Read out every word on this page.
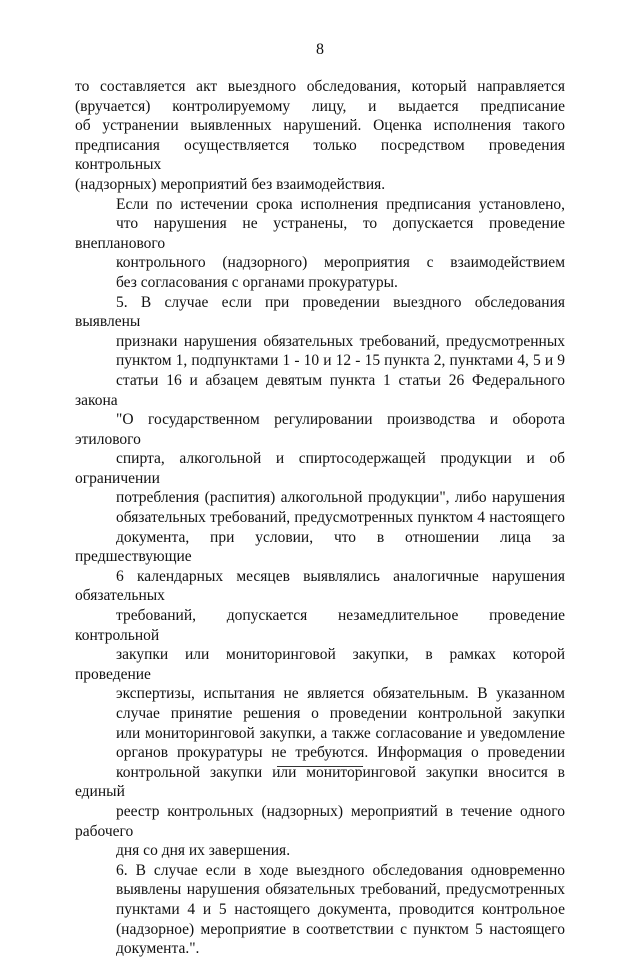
8

то составляется акт выездного обследования, который направляется
(вручается) контролируемому лицу, и выдается предписание
об устранении выявленных нарушений. Оценка исполнения такого
предписания осуществляется только посредством проведения контрольных
(надзорных) мероприятий без взаимодействия.

Если по истечении срока исполнения предписания установлено,
что нарушения не устранены, то допускается проведение внепланового
контрольного (надзорного) мероприятия с взаимодействием
без согласования с органами прокуратуры.

5. В случае если при проведении выездного обследования выявлены
признаки нарушения обязательных требований, предусмотренных
пунктом 1, подпунктами 1 - 10 и 12 - 15 пункта 2, пунктами 4, 5 и 9
статьи 16 и абзацем девятым пункта 1 статьи 26 Федерального закона
"О государственном регулировании производства и оборота этилового
спирта, алкогольной и спиртосодержащей продукции и об ограничении
потребления (распития) алкогольной продукции", либо нарушения
обязательных требований, предусмотренных пунктом 4 настоящего
документа, при условии, что в отношении лица за предшествующие
6 календарных месяцев выявлялись аналогичные нарушения обязательных
требований, допускается незамедлительное проведение контрольной
закупки или мониторинговой закупки, в рамках которой проведение
экспертизы, испытания не является обязательным. В указанном
случае принятие решения о проведении контрольной закупки
или мониторинговой закупки, а также согласование и уведомление
органов прокуратуры не требуются. Информация о проведении
контрольной закупки или мониторинговой закупки вносится в единый
реестр контрольных (надзорных) мероприятий в течение одного рабочего
дня со дня их завершения.

6. В случае если в ходе выездного обследования одновременно
выявлены нарушения обязательных требований, предусмотренных
пунктами 4 и 5 настоящего документа, проводится контрольное
(надзорное) мероприятие в соответствии с пунктом 5 настоящего
документа.".
